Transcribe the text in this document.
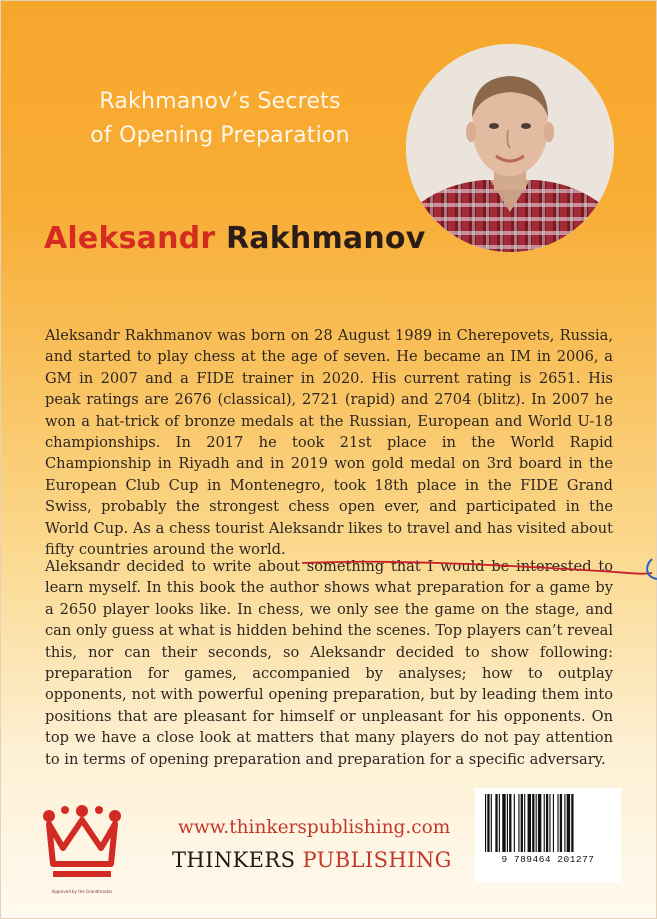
Rakhmanov’s Secrets
of Opening Preparation
Aleksandr Rakhmanov

Aleksandr Rakhmanov was born on 28 August 1989 in Cherepovets, Russia, and started to play chess at the age of seven. He became an IM in 2006, a GM in 2007 and a FIDE trainer in 2020. His current rating is 2651. His peak ratings are 2676 (classical), 2721 (rapid) and 2704 (blitz). In 2007 he won a hat-trick of bronze medals at the Russian, European and World U-18 championships. In 2017 he took 21st place in the World Rapid Championship in Riyadh and in 2019 won gold medal on 3rd board in the European Club Cup in Montenegro, took 18th place in the FIDE Grand Swiss, probably the strongest chess open ever, and participated in the World Cup. As a chess tourist Aleksandr likes to travel and has visited about fifty countries around the world.

Aleksandr decided to write about something that I would be interested to learn myself. In this book the author shows what preparation for a game by a 2650 player looks like. In chess, we only see the game on the stage, and can only guess at what is hidden behind the scenes. Top players can’t reveal this, nor can their seconds, so Aleksandr decided to show following: preparation for games, accompanied by analyses; how to outplay opponents, not with powerful opening preparation, but by leading them into positions that are pleasant for himself or unpleasant for his opponents. On top we have a close look at matters that many players do not pay attention to in terms of opening preparation and preparation for a specific adversary.

Approved by the Grandmaster

www.thinkerspublishing.com

THINKERS PUBLISHING	9 789464 201277
